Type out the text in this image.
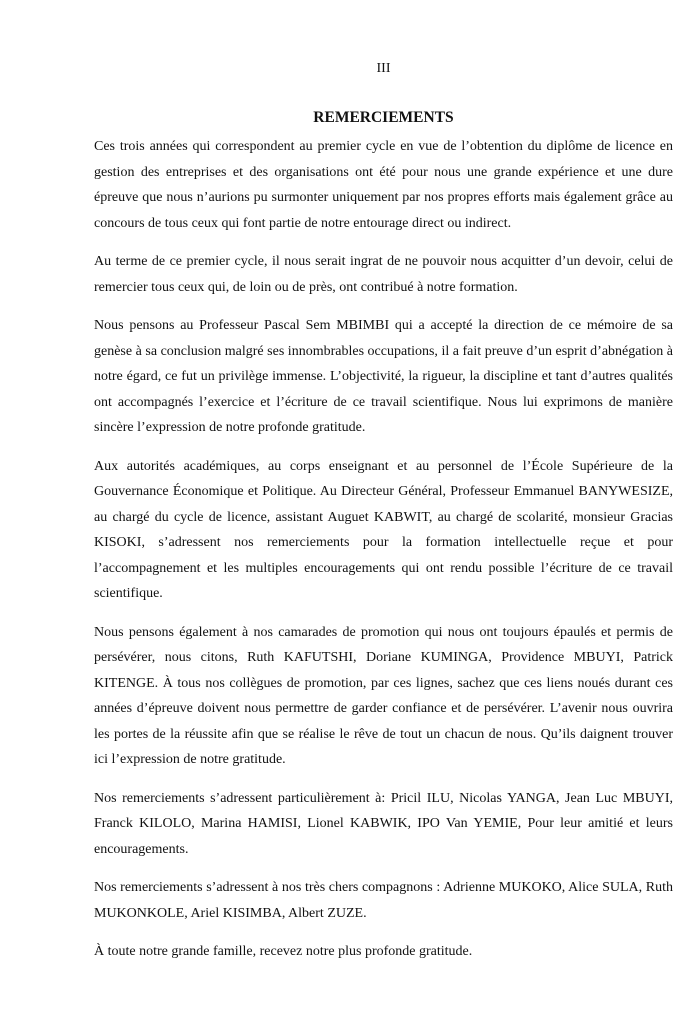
III
REMERCIEMENTS

Ces trois années qui correspondent au premier cycle en vue de l’obtention du diplôme de licence en gestion des entreprises et des organisations ont été pour nous une grande expérience et une dure épreuve que nous n’aurions pu surmonter uniquement par nos propres efforts mais également grâce au concours de tous ceux qui font partie de notre entourage direct ou indirect.

Au terme de ce premier cycle, il nous serait ingrat de ne pouvoir nous acquitter d’un devoir, celui de remercier tous ceux qui, de loin ou de près, ont contribué à notre formation.

Nous pensons au Professeur Pascal Sem MBIMBI qui a accepté la direction de ce mémoire de sa genèse à sa conclusion malgré ses innombrables occupations, il a fait preuve d’un esprit d’abnégation à notre égard, ce fut un privilège immense. L’objectivité, la rigueur, la discipline et tant d’autres qualités ont accompagnés l’exercice et l’écriture de ce travail scientifique. Nous lui exprimons de manière sincère l’expression de notre profonde gratitude.

Aux autorités académiques, au corps enseignant et au personnel de l’École Supérieure de la Gouvernance Économique et Politique. Au Directeur Général, Professeur Emmanuel BANYWESIZE, au chargé du cycle de licence, assistant Auguet KABWIT, au chargé de scolarité, monsieur Gracias KISOKI, s’adressent nos remerciements pour la formation intellectuelle reçue et pour l’accompagnement et les multiples encouragements qui ont rendu possible l’écriture de ce travail scientifique.

Nous pensons également à nos camarades de promotion qui nous ont toujours épaulés et permis de persévérer, nous citons, Ruth KAFUTSHI, Doriane KUMINGA, Providence MBUYI, Patrick KITENGE. À tous nos collègues de promotion, par ces lignes, sachez que ces liens noués durant ces années d’épreuve doivent nous permettre de garder confiance et de persévérer. L’avenir nous ouvrira les portes de la réussite afin que se réalise le rêve de tout un chacun de nous. Qu’ils daignent trouver ici l’expression de notre gratitude.

Nos remerciements s’adressent particulièrement à: Pricil ILU, Nicolas YANGA, Jean Luc MBUYI, Franck KILOLO, Marina HAMISI, Lionel KABWIK, IPO Van YEMIE, Pour leur amitié et leurs encouragements.

Nos remerciements s’adressent à nos très chers compagnons : Adrienne MUKOKO, Alice SULA, Ruth MUKONKOLE, Ariel KISIMBA, Albert ZUZE.

À toute notre grande famille, recevez notre plus profonde gratitude.
